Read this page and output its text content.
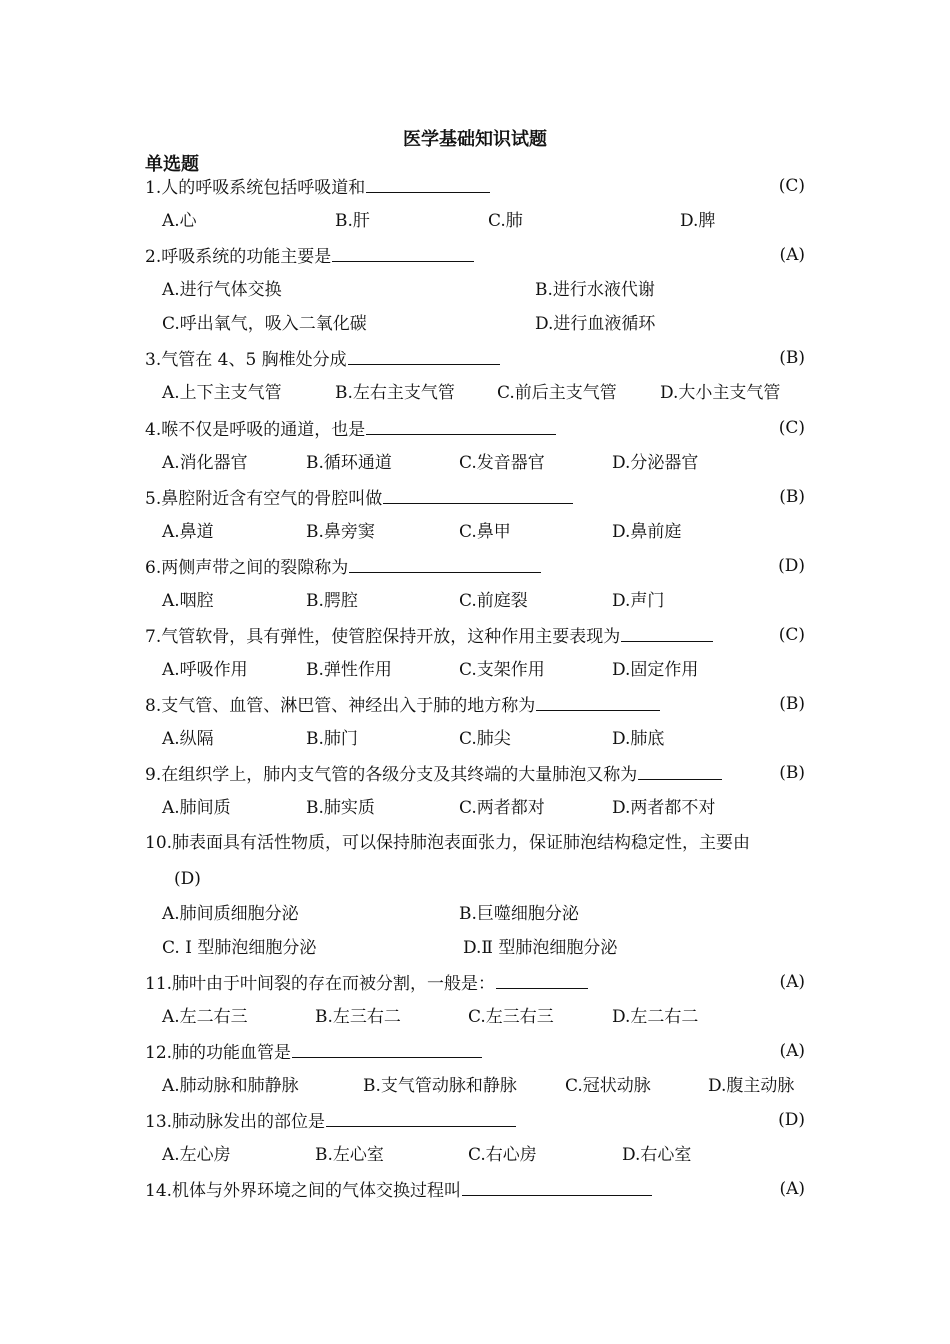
医学基础知识试题
单选题
1.人的呼吸系统包括呼吸道和	(C)
A.心	B.肝	C.肺	D.脾
2.呼吸系统的功能主要是	(A)
A.进行气体交换	B.进行水液代谢
C.呼出氧气，吸入二氧化碳	D.进行血液循环
3.气管在 4、5 胸椎处分成	(B)
A.上下主支气管	B.左右主支气管 C.前后主支气管	D.大小主支气管
4.喉不仅是呼吸的通道，也是	(C)
A.消化器官	B.循环通道	C.发音器官	D.分泌器官
5.鼻腔附近含有空气的骨腔叫做	(B)
A.鼻道	B.鼻旁窦	C.鼻甲	D.鼻前庭
6.两侧声带之间的裂隙称为	(D)
A.咽腔	B.腭腔	C.前庭裂	D.声门
7.气管软骨，具有弹性，使管腔保持开放，这种作用主要表现为	(C)
A.呼吸作用	B.弹性作用	C.支架作用	D.固定作用
8.支气管、血管、淋巴管、神经出入于肺的地方称为	(B)
A.纵隔	B.肺门	C.肺尖	D.肺底
9.在组织学上，肺内支气管的各级分支及其终端的大量肺泡又称为	(B)
A.肺间质	B.肺实质	C.两者都对	D.两者都不对
10.肺表面具有活性物质，可以保持肺泡表面张力，保证肺泡结构稳定性，主要由
(D)
A.肺间质细胞分泌	B.巨噬细胞分泌
C. Ⅰ 型肺泡细胞分泌	D.Ⅱ 型肺泡细胞分泌
11.肺叶由于叶间裂的存在而被分割，一般是：	(A)
A.左二右三	B.左三右二	C.左三右三	D.左二右二
12.肺的功能血管是	(A)
A.肺动脉和肺静脉	B.支气管动脉和静脉	C.冠状动脉	D.腹主动脉
13.肺动脉发出的部位是	(D)
A.左心房	B.左心室	C.右心房	D.右心室
14.机体与外界环境之间的气体交换过程叫	(A)
